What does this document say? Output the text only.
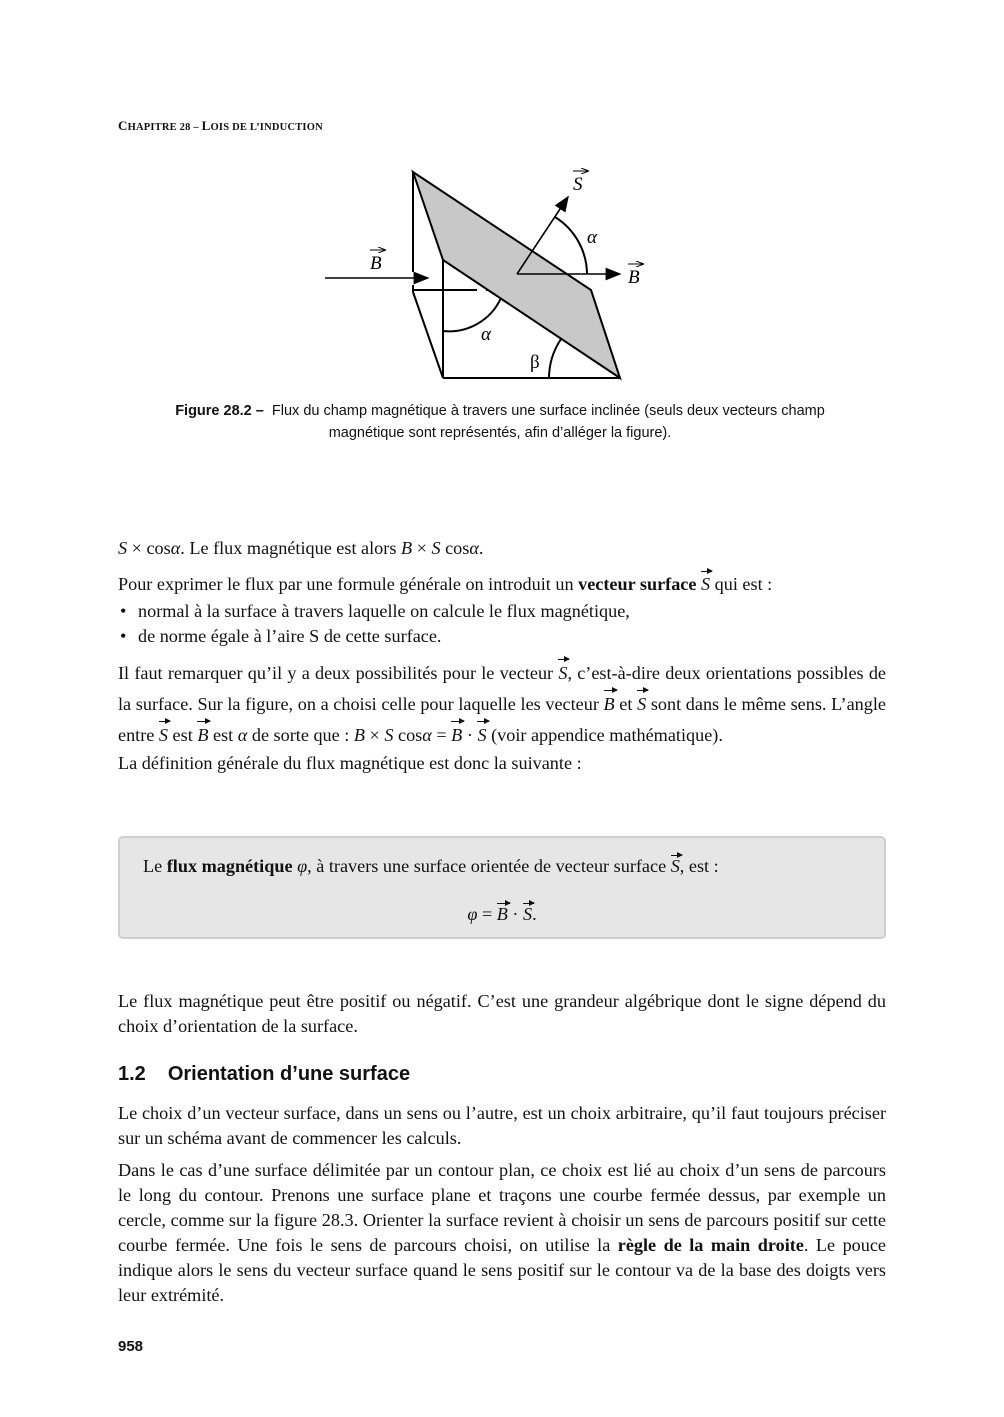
CHAPITRE 28 – LOIS DE L’INDUCTION
B
B
S
α
α
β
Figure 28.2 – Flux du champ magnétique à travers une surface inclinée (seuls deux vecteurs champ magnétique sont représentés, afin d’alléger la figure).
S × cosα. Le flux magnétique est alors B × S cosα.
Pour exprimer le flux par une formule générale on introduit un vecteur surface S qui est :
• normal à la surface à travers laquelle on calcule le flux magnétique,
• de norme égale à l’aire S de cette surface.
Il faut remarquer qu’il y a deux possibilités pour le vecteur S, c’est-à-dire deux orientations possibles de la surface. Sur la figure, on a choisi celle pour laquelle les vecteur B et S sont dans le même sens. L’angle entre S est B est α de sorte que : B × S cosα = B · S (voir appendice mathématique).
La définition générale du flux magnétique est donc la suivante :
Le flux magnétique φ, à travers une surface orientée de vecteur surface S, est :
φ = B · S.
Le flux magnétique peut être positif ou négatif. C’est une grandeur algébrique dont le signe dépend du choix d’orientation de la surface.
1.2 Orientation d’une surface
Le choix d’un vecteur surface, dans un sens ou l’autre, est un choix arbitraire, qu’il faut toujours préciser sur un schéma avant de commencer les calculs.
Dans le cas d’une surface délimitée par un contour plan, ce choix est lié au choix d’un sens de parcours le long du contour. Prenons une surface plane et traçons une courbe fermée dessus, par exemple un cercle, comme sur la figure 28.3. Orienter la surface revient à choisir un sens de parcours positif sur cette courbe fermée. Une fois le sens de parcours choisi, on utilise la règle de la main droite. Le pouce indique alors le sens du vecteur surface quand le sens positif sur le contour va de la base des doigts vers leur extrémité.
958
